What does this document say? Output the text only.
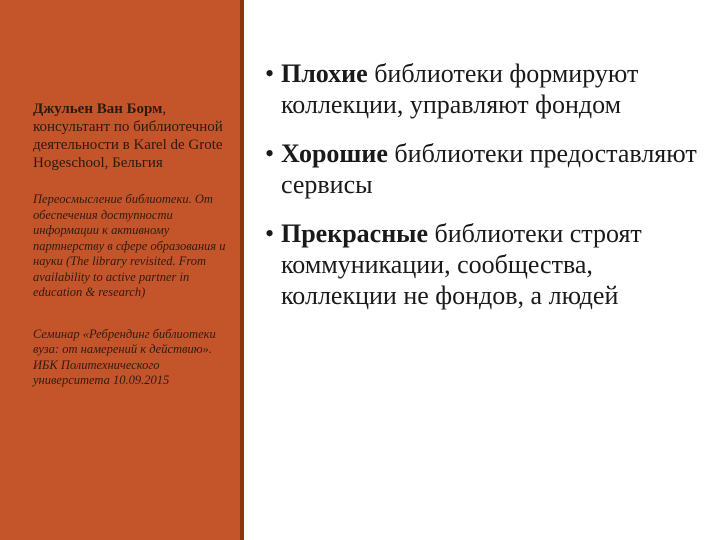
Джульен Ван Борм, консультант по библиотечной деятельности в Karel de Grote Hogeschool, Бельгия

Переосмысление библиотеки. От обеспечения доступности информации к активному партнерству в сфере образования и науки (The library revisited. From availability to active partner in education & research)

Семинар «Ребрендинг библиотеки вуза: от намерений к действию». ИБК Политехнического университета 10.09.2015

• Плохие библиотеки формируют коллекции, управляют фондом
• Хорошие библиотеки предоставляют сервисы
• Прекрасные библиотеки строят коммуникации, сообщества, коллекции не фондов, а людей
